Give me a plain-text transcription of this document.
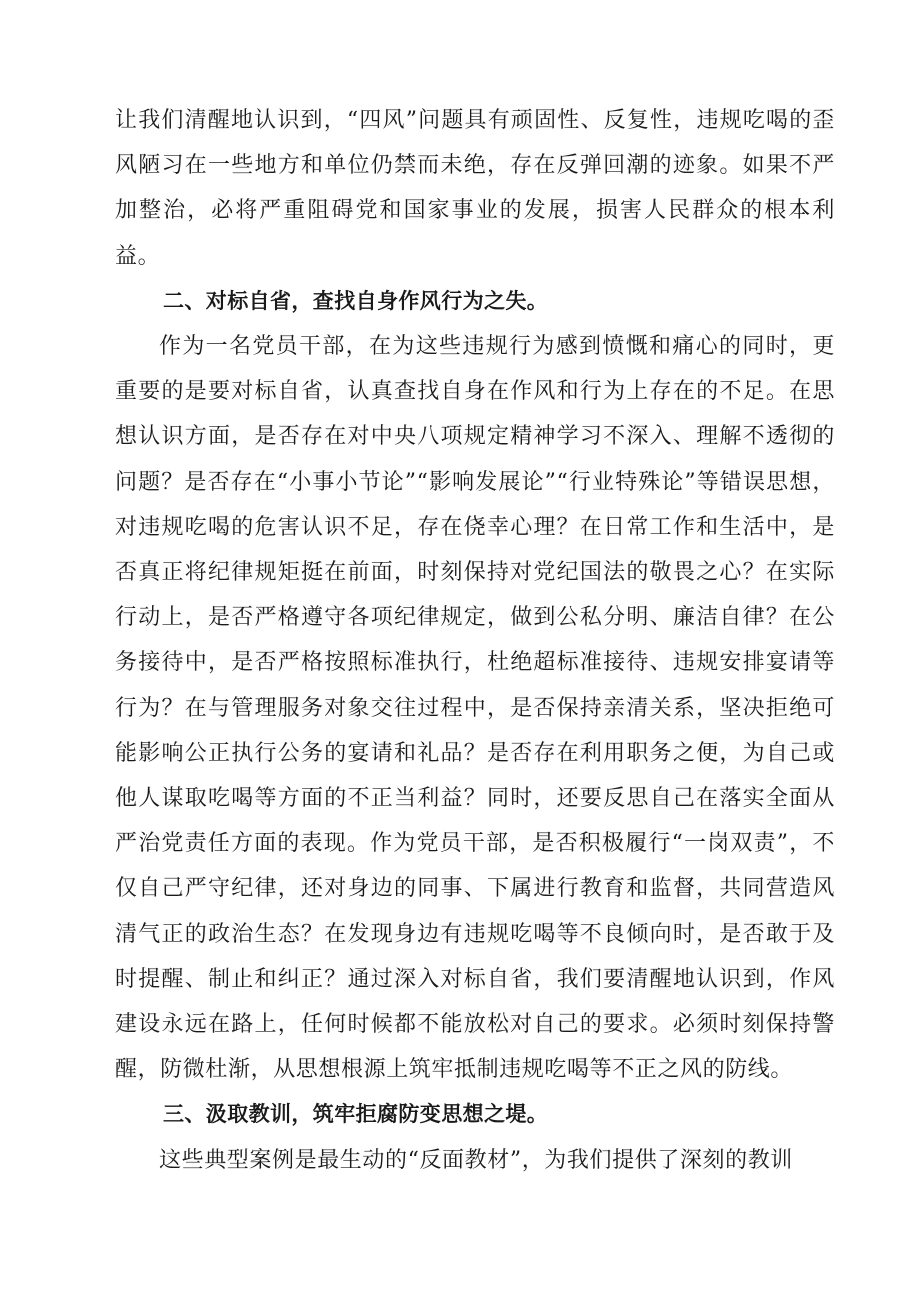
让我们清醒地认识到，“四风”问题具有顽固性、反复性，违规吃喝的歪风陋习在一些地方和单位仍禁而未绝，存在反弹回潮的迹象。如果不严加整治，必将严重阻碍党和国家事业的发展，损害人民群众的根本利益。

二、对标自省，查找自身作风行为之失。

作为一名党员干部，在为这些违规行为感到愤慨和痛心的同时，更重要的是要对标自省，认真查找自身在作风和行为上存在的不足。在思想认识方面，是否存在对中央八项规定精神学习不深入、理解不透彻的问题？是否存在“小事小节论”“影响发展论”“行业特殊论”等错误思想，对违规吃喝的危害认识不足，存在侥幸心理？在日常工作和生活中，是否真正将纪律规矩挺在前面，时刻保持对党纪国法的敬畏之心？在实际行动上，是否严格遵守各项纪律规定，做到公私分明、廉洁自律？在公务接待中，是否严格按照标准执行，杜绝超标准接待、违规安排宴请等行为？在与管理服务对象交往过程中，是否保持亲清关系，坚决拒绝可能影响公正执行公务的宴请和礼品？是否存在利用职务之便，为自己或他人谋取吃喝等方面的不正当利益？同时，还要反思自己在落实全面从严治党责任方面的表现。作为党员干部，是否积极履行“一岗双责”，不仅自己严守纪律，还对身边的同事、下属进行教育和监督，共同营造风清气正的政治生态？在发现身边有违规吃喝等不良倾向时，是否敢于及时提醒、制止和纠正？通过深入对标自省，我们要清醒地认识到，作风建设永远在路上，任何时候都不能放松对自己的要求。必须时刻保持警醒，防微杜渐，从思想根源上筑牢抵制违规吃喝等不正之风的防线。

三、汲取教训，筑牢拒腐防变思想之堤。

这些典型案例是最生动的“反面教材”，为我们提供了深刻的教训
